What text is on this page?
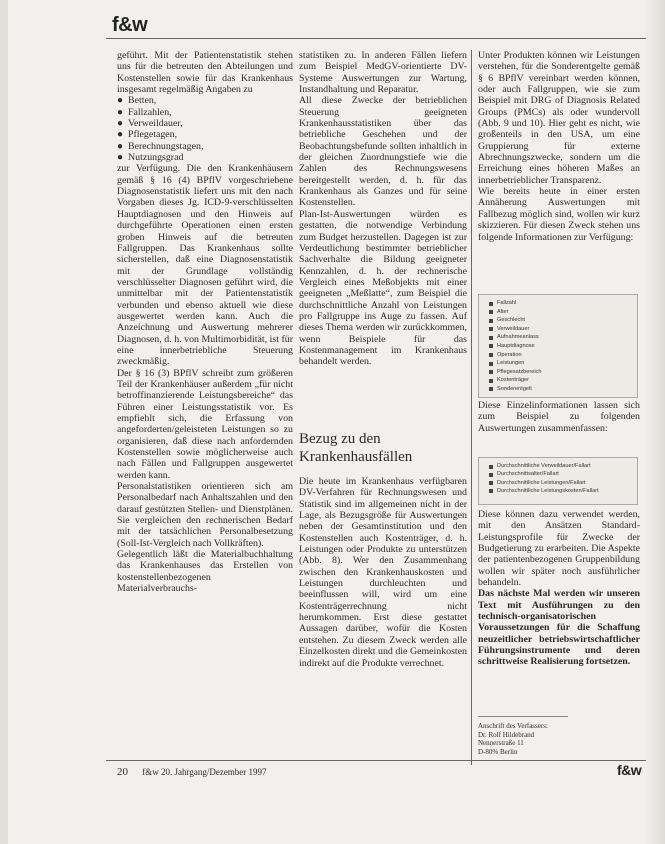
f&w

geführt. Mit der Patientenstatistik stehen uns für die betreuten den Abteilungen und Kostenstellen sowie für das Krankenhaus insgesamt regelmäßig Angaben zu

● Betten,
● Fallzahlen,
● Verweildauer,
● Pflegetagen,
● Berechnungstagen,
● Nutzungsgrad

zur Verfügung. Die den Krankenhäusern gemäß § 16 (4) BPflV vorgeschriebene Diagnosenstatistik liefert uns mit den nach Vorgaben dieses Jg. ICD-9-verschlüsselten Hauptdiagnosen und den Hinweis auf durchgeführte Operationen einen ersten groben Hinweis auf die betreuten Fallgruppen. Das Krankenhaus sollte sicherstellen, daß eine Diagnosenstatistik mit der Grundlage vollständig verschlüsselter Diagnosen geführt wird, die unmittelbar mit der Patientenstatistik verbunden und ebenso aktuell wie diese ausgewertet werden kann. Auch die Anzeichnung und Auswertung mehrerer Diagnosen, d. h. von Multimorbidität, ist für eine innerbetriebliche Steuerung zweckmäßig.

Der § 16 (3) BPflV schreibt zum größeren Teil der Krankenhäuser außerdem „für nicht betroffinanzierende Leistungsbereiche“ das Führen einer Leistungsstatistik vor. Es empfiehlt sich, die Erfassung von angeforderten/geleisteten Leistungen so zu organisieren, daß diese nach anfordernden Kostenstellen sowie möglicherweise auch nach Fällen und Fallgruppen ausgewertet werden kann.

Personalstatistiken orientieren sich am Personalbedarf nach Anhaltszahlen und den darauf gestützten Stellen- und Dienstplänen. Sie vergleichen den rechnerischen Bedarf mit der tatsächlichen Personalbesetzung (Soll-Ist-Vergleich nach Vollkräften).

Gelegentlich läßt die Materialbuchhaltung das Krankenhauses das Erstellen von kostenstellenbezogenen Materialverbrauchs-

statistiken zu. In anderen Fällen liefern zum Beispiel MedGV-orientierte DV-Systeme Auswertungen zur Wartung, Instandhaltung und Reparatur.

All diese Zwecke der betrieblichen Steuerung geeigneten Krankenhausstatistiken über das betriebliche Geschehen und der Beobachtungsbefunde sollten inhaltlich in der gleichen Zuordnungstiefe wie die Zahlen des Rechnungswesens bereitgestellt werden, d. h. für das Krankenhaus als Ganzes und für seine Kostenstellen.

Plan-Ist-Auswertungen würden es gestatten, die notwendige Verbindung zum Budget herzustellen. Dagegen ist zur Verdeutlichung bestimmter betrieblicher Sachverhalte die Bildung geeigneter Kennzahlen, d. h. der rechnerische Vergleich eines Meßobjekts mit einer geeigneten „Meßlatte“, zum Beispiel die durchschnittliche Anzahl von Leistungen pro Fallgruppe ins Auge zu fassen. Auf dieses Thema werden wir zurückkommen, wenn Beispiele für das Kostenmanagement im Krankenhaus behandelt werden.

Bezug zu den Krankenhausfällen

Die heute im Krankenhaus verfügbaren DV-Verfahren für Rechnungswesen und Statistik sind im allgemeinen nicht in der Lage, als Bezugsgröße für Auswertungen neben der Gesamtinstitution und den Kostenstellen auch Kostenträger, d. h. Leistungen oder Produkte zu unterstützen (Abb. 8). Wer den Zusammenhang zwischen den Krankenhauskosten und Leistungen durchleuchten und beeinflussen will, wird um eine Kostenträgerrechnung nicht herumkommen. Erst diese gestattet Aussagen darüber, wofür die Kosten entstehen. Zu diesem Zweck werden alle Einzelkosten direkt und die Gemeinkosten indirekt auf die Produkte verrechnet.

Unter Produkten können wir Leistungen verstehen, für die Sonderentgelte gemäß § 6 BPflV vereinbart werden können, oder auch Fallgruppen, wie sie zum Beispiel mit DRG of Diagnosis Related Groups (PMCs) als oder wundervoll (Abb. 9 und 10). Hier geht es nicht, wie großenteils in den USA, um eine Gruppierung für externe Abrechnungszwecke, sondern um die Erreichung eines höheren Maßes an innerbetrieblicher Transparenz.

Wie bereits heute in einer ersten Annäherung Auswertungen mit Fallbezug möglich sind, wollen wir kurz skizzieren. Für diesen Zweck stehen uns folgende Informationen zur Verfügung:

Fallzahl
Alter
Geschlecht
Verweildauer
Aufnahmeanlass
Hauptdiagnose
Operation
Leistungen
Pflegesatzbereich
Kostenträger
Sonderentgelt

Diese Einzelinformationen lassen sich zum Beispiel zu folgenden Auswertungen zusammenfassen:

Durchschnittliche Verweildauer/Fallart
Durchschnittsalter/Fallart
Durchschnittliche Leistungen/Fallart
Durchschnittliche Leistungskosten/Fallart

Diese können dazu verwendet werden, mit den Ansätzen Standard-Leistungsprofile für Zwecke der Budgetierung zu erarbeiten. Die Aspekte der patientenbezogenen Gruppenbildung wollen wir später noch ausführlicher behandeln.

Das nächste Mal werden wir unseren Text mit Ausführungen zu den technisch-organisatorischen Voraussetzungen für die Schaffung neuzeitlicher betriebswirtschaftlicher Führungsinstrumente und deren schrittweise Realisierung fortsetzen.

Anschrift des Verfassers:
Dr. Rolf Hildebrand
Nennerstraße 11
D-80% Berlin
f&w
20 f&w 20. Jahrgang/Dezember 1997
